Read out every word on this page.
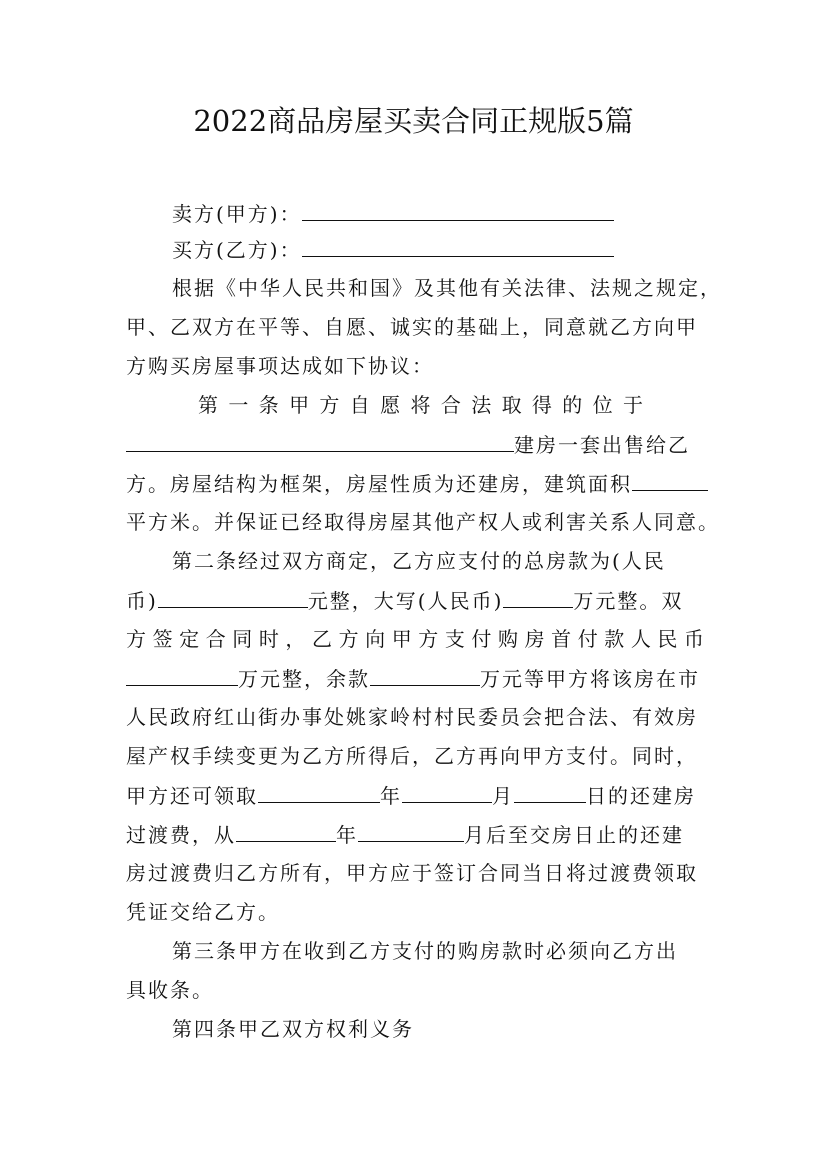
2022商品房屋买卖合同正规版5篇
卖方(甲方)：
买方(乙方)：
根据《中华人民共和国》及其他有关法律、法规之规定，
甲、乙双方在平等、自愿、诚实的基础上，同意就乙方向甲
方购买房屋事项达成如下协议：
第 一 条 甲 方 自 愿 将 合 法 取 得 的 位 于
建房一套出售给乙
方。房屋结构为框架，房屋性质为还建房，建筑面积
平方米。并保证已经取得房屋其他产权人或利害关系人同意。
第二条经过双方商定，乙方应支付的总房款为(人民
币)	元整，大写(人民币)	万元整。双
方签定合同时，乙方向甲方支付购房首付款人民币
万元整，余款	万元等甲方将该房在市
人民政府红山街办事处姚家岭村村民委员会把合法、有效房
屋产权手续变更为乙方所得后，乙方再向甲方支付。同时，
甲方还可领取	年	月	日的还建房
过渡费，从	年	月后至交房日止的还建
房过渡费归乙方所有，甲方应于签订合同当日将过渡费领取
凭证交给乙方。
第三条甲方在收到乙方支付的购房款时必须向乙方出
具收条。
第四条甲乙双方权利义务
